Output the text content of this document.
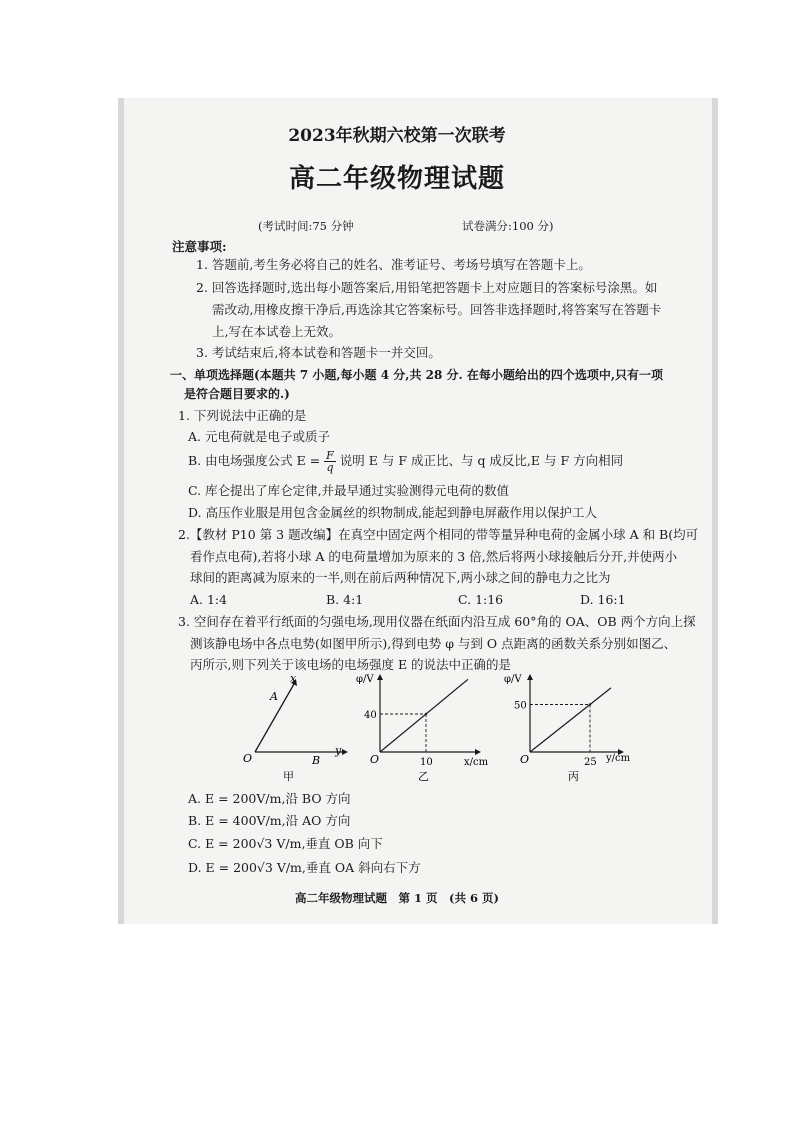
2023年秋期六校第一次联考
高二年级物理试题
(考试时间:75 分钟	试卷满分:100 分)
注意事项:
1. 答题前,考生务必将自己的姓名、准考证号、考场号填写在答题卡上。
2. 回答选择题时,选出每小题答案后,用铅笔把答题卡上对应题目的答案标号涂黑。如
需改动,用橡皮擦干净后,再选涂其它答案标号。回答非选择题时,将答案写在答题卡
上,写在本试卷上无效。
3. 考试结束后,将本试卷和答题卡一并交回。
一、单项选择题(本题共 7 小题,每小题 4 分,共 28 分. 在每小题给出的四个选项中,只有一项
是符合题目要求的.)
1. 下列说法中正确的是
A. 元电荷就是电子或质子
B. 由电场强度公式 $E = \frac{F}{q}$ 说明 E 与 F 成正比、与 q 成反比,E 与 F 方向相同
C. 库仑提出了库仑定律,并最早通过实验测得元电荷的数值
D. 高压作业服是用包含金属丝的织物制成,能起到静电屏蔽作用以保护工人
2.【教材 P10 第 3 题改编】在真空中固定两个相同的带等量异种电荷的金属小球 A 和 B(均可
看作点电荷),若将小球 A 的电荷量增加为原来的 3 倍,然后将两小球接触后分开,并使两小
球间的距离减为原来的一半,则在前后两种情况下,两小球之间的静电力之比为
A. 1:4	B. 4:1	C. 1:16	D. 16:1
3. 空间存在着平行纸面的匀强电场,现用仪器在纸面内沿互成 60°角的 OA、OB 两个方向上探
测该静电场中各点电势(如图甲所示),得到电势 φ 与到 O 点距离的函数关系分别如图乙、
丙所示,则下列关于该电场的电场强度 E 的说法中正确的是
x
A
y
B
O
甲
φ/V
x/cm
O
40
10
乙
φ/V
y/cm
O
50
25
丙
A. E = 200V/m,沿 BO 方向
B. E = 400V/m,沿 AO 方向
C. E = 200√3 V/m,垂直 OB 向下
D. E = 200√3 V/m,垂直 OA 斜向右下方
高二年级物理试题　第 1 页　(共 6 页)
